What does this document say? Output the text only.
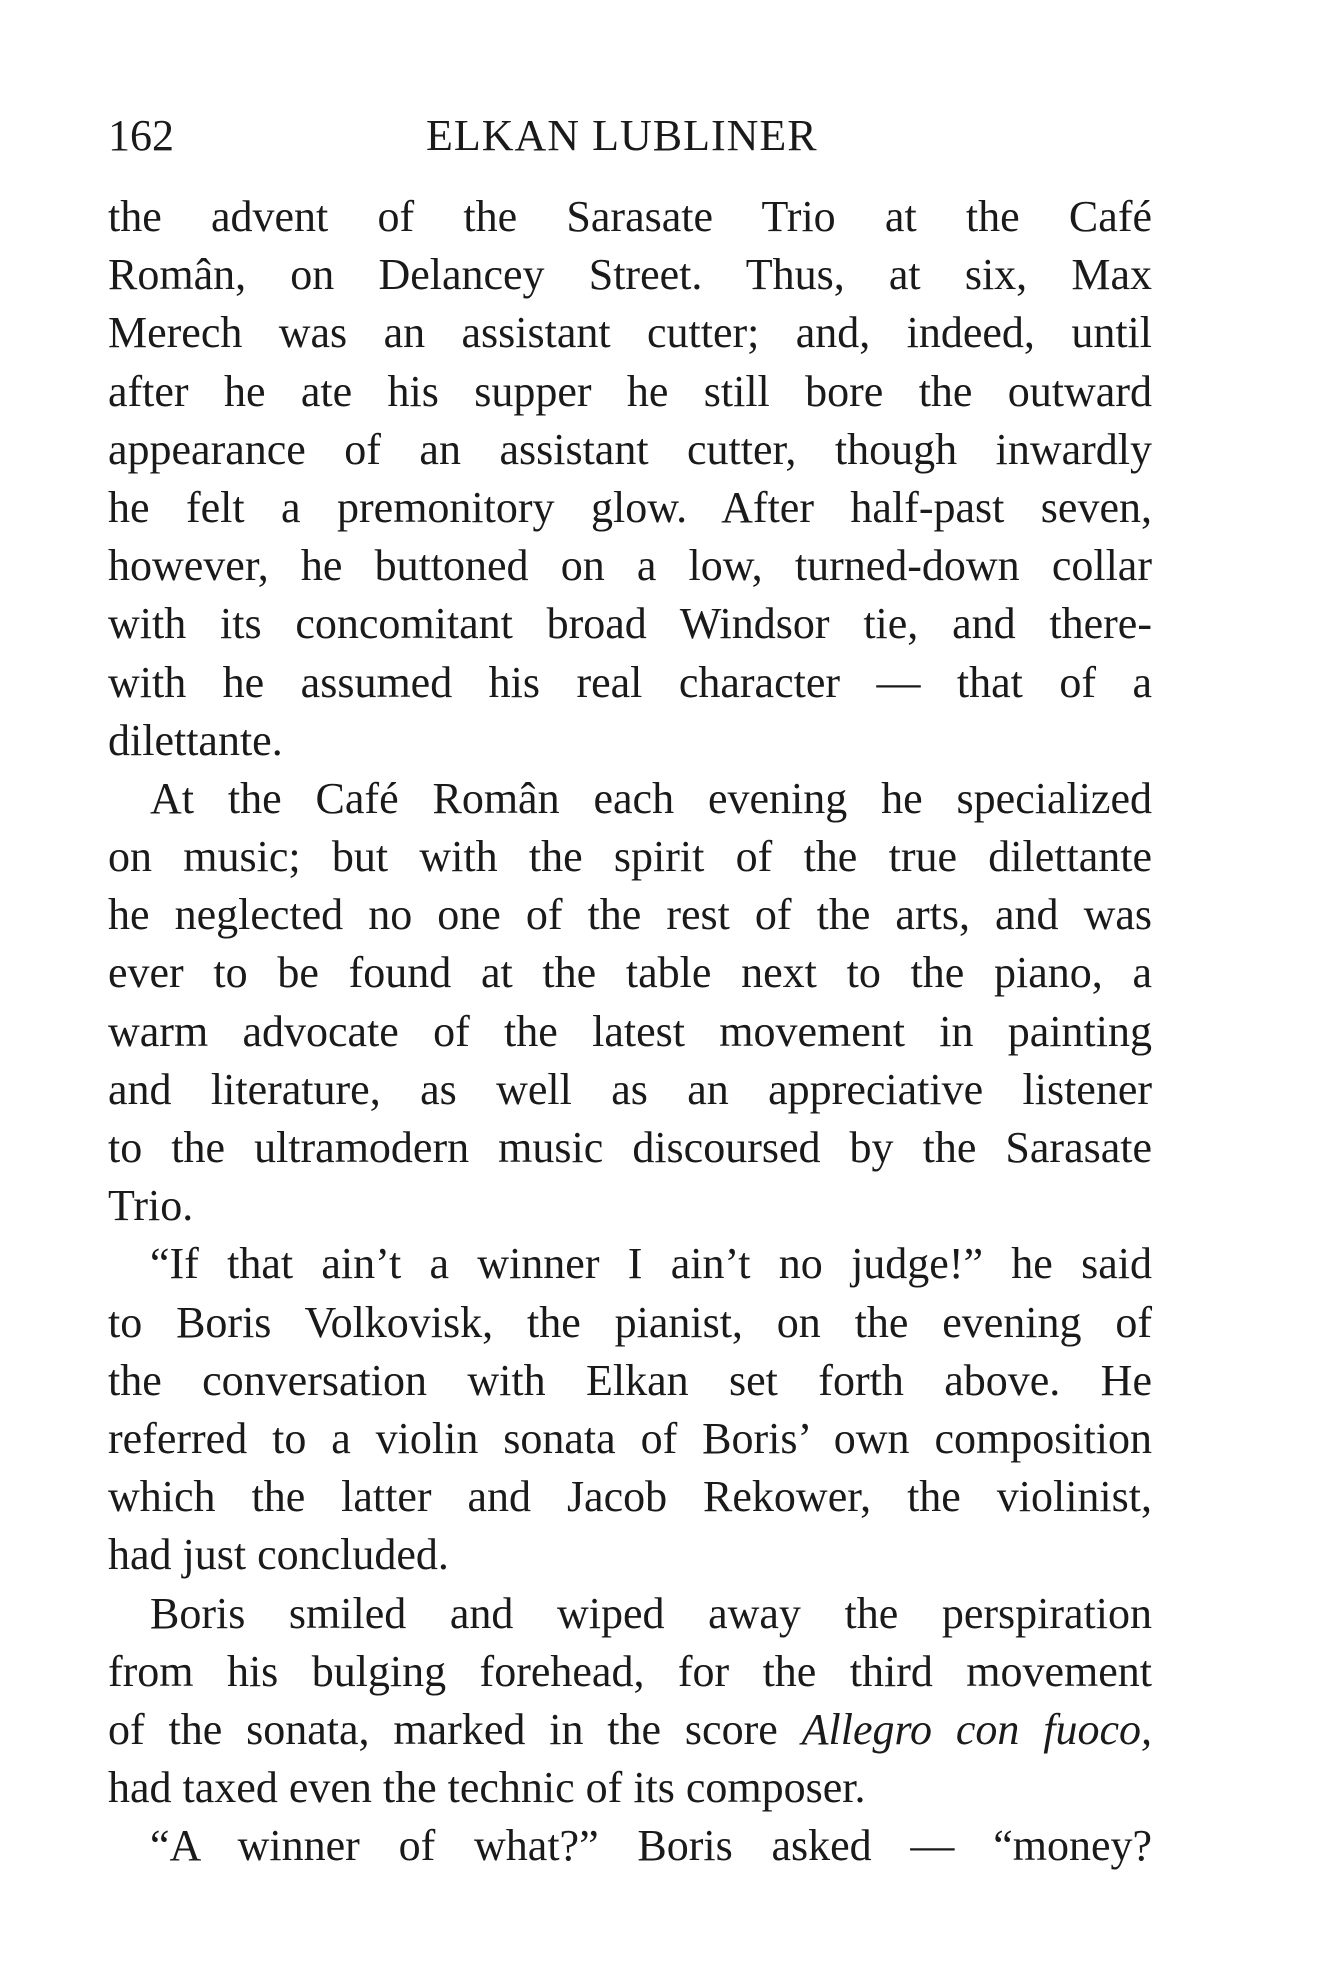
162	ELKAN LUBLINER
the advent of the Sarasate Trio at the Café
Român, on Delancey Street. Thus, at six, Max
Merech was an assistant cutter; and, indeed, until
after he ate his supper he still bore the outward
appearance of an assistant cutter, though inwardly
he felt a premonitory glow. After half-past seven,
however, he buttoned on a low, turned-down collar
with its concomitant broad Windsor tie, and there-
with he assumed his real character — that of a
dilettante.
At the Café Român each evening he specialized
on music; but with the spirit of the true dilettante
he neglected no one of the rest of the arts, and was
ever to be found at the table next to the piano, a
warm advocate of the latest movement in painting
and literature, as well as an appreciative listener
to the ultramodern music discoursed by the Sarasate
Trio.
“If that ain’t a winner I ain’t no judge!” he said
to Boris Volkovisk, the pianist, on the evening of
the conversation with Elkan set forth above. He
referred to a violin sonata of Boris’ own composition
which the latter and Jacob Rekower, the violinist,
had just concluded.
Boris smiled and wiped away the perspiration
from his bulging forehead, for the third movement
of the sonata, marked in the score Allegro con fuoco,
had taxed even the technic of its composer.
“A winner of what?” Boris asked — “money?
